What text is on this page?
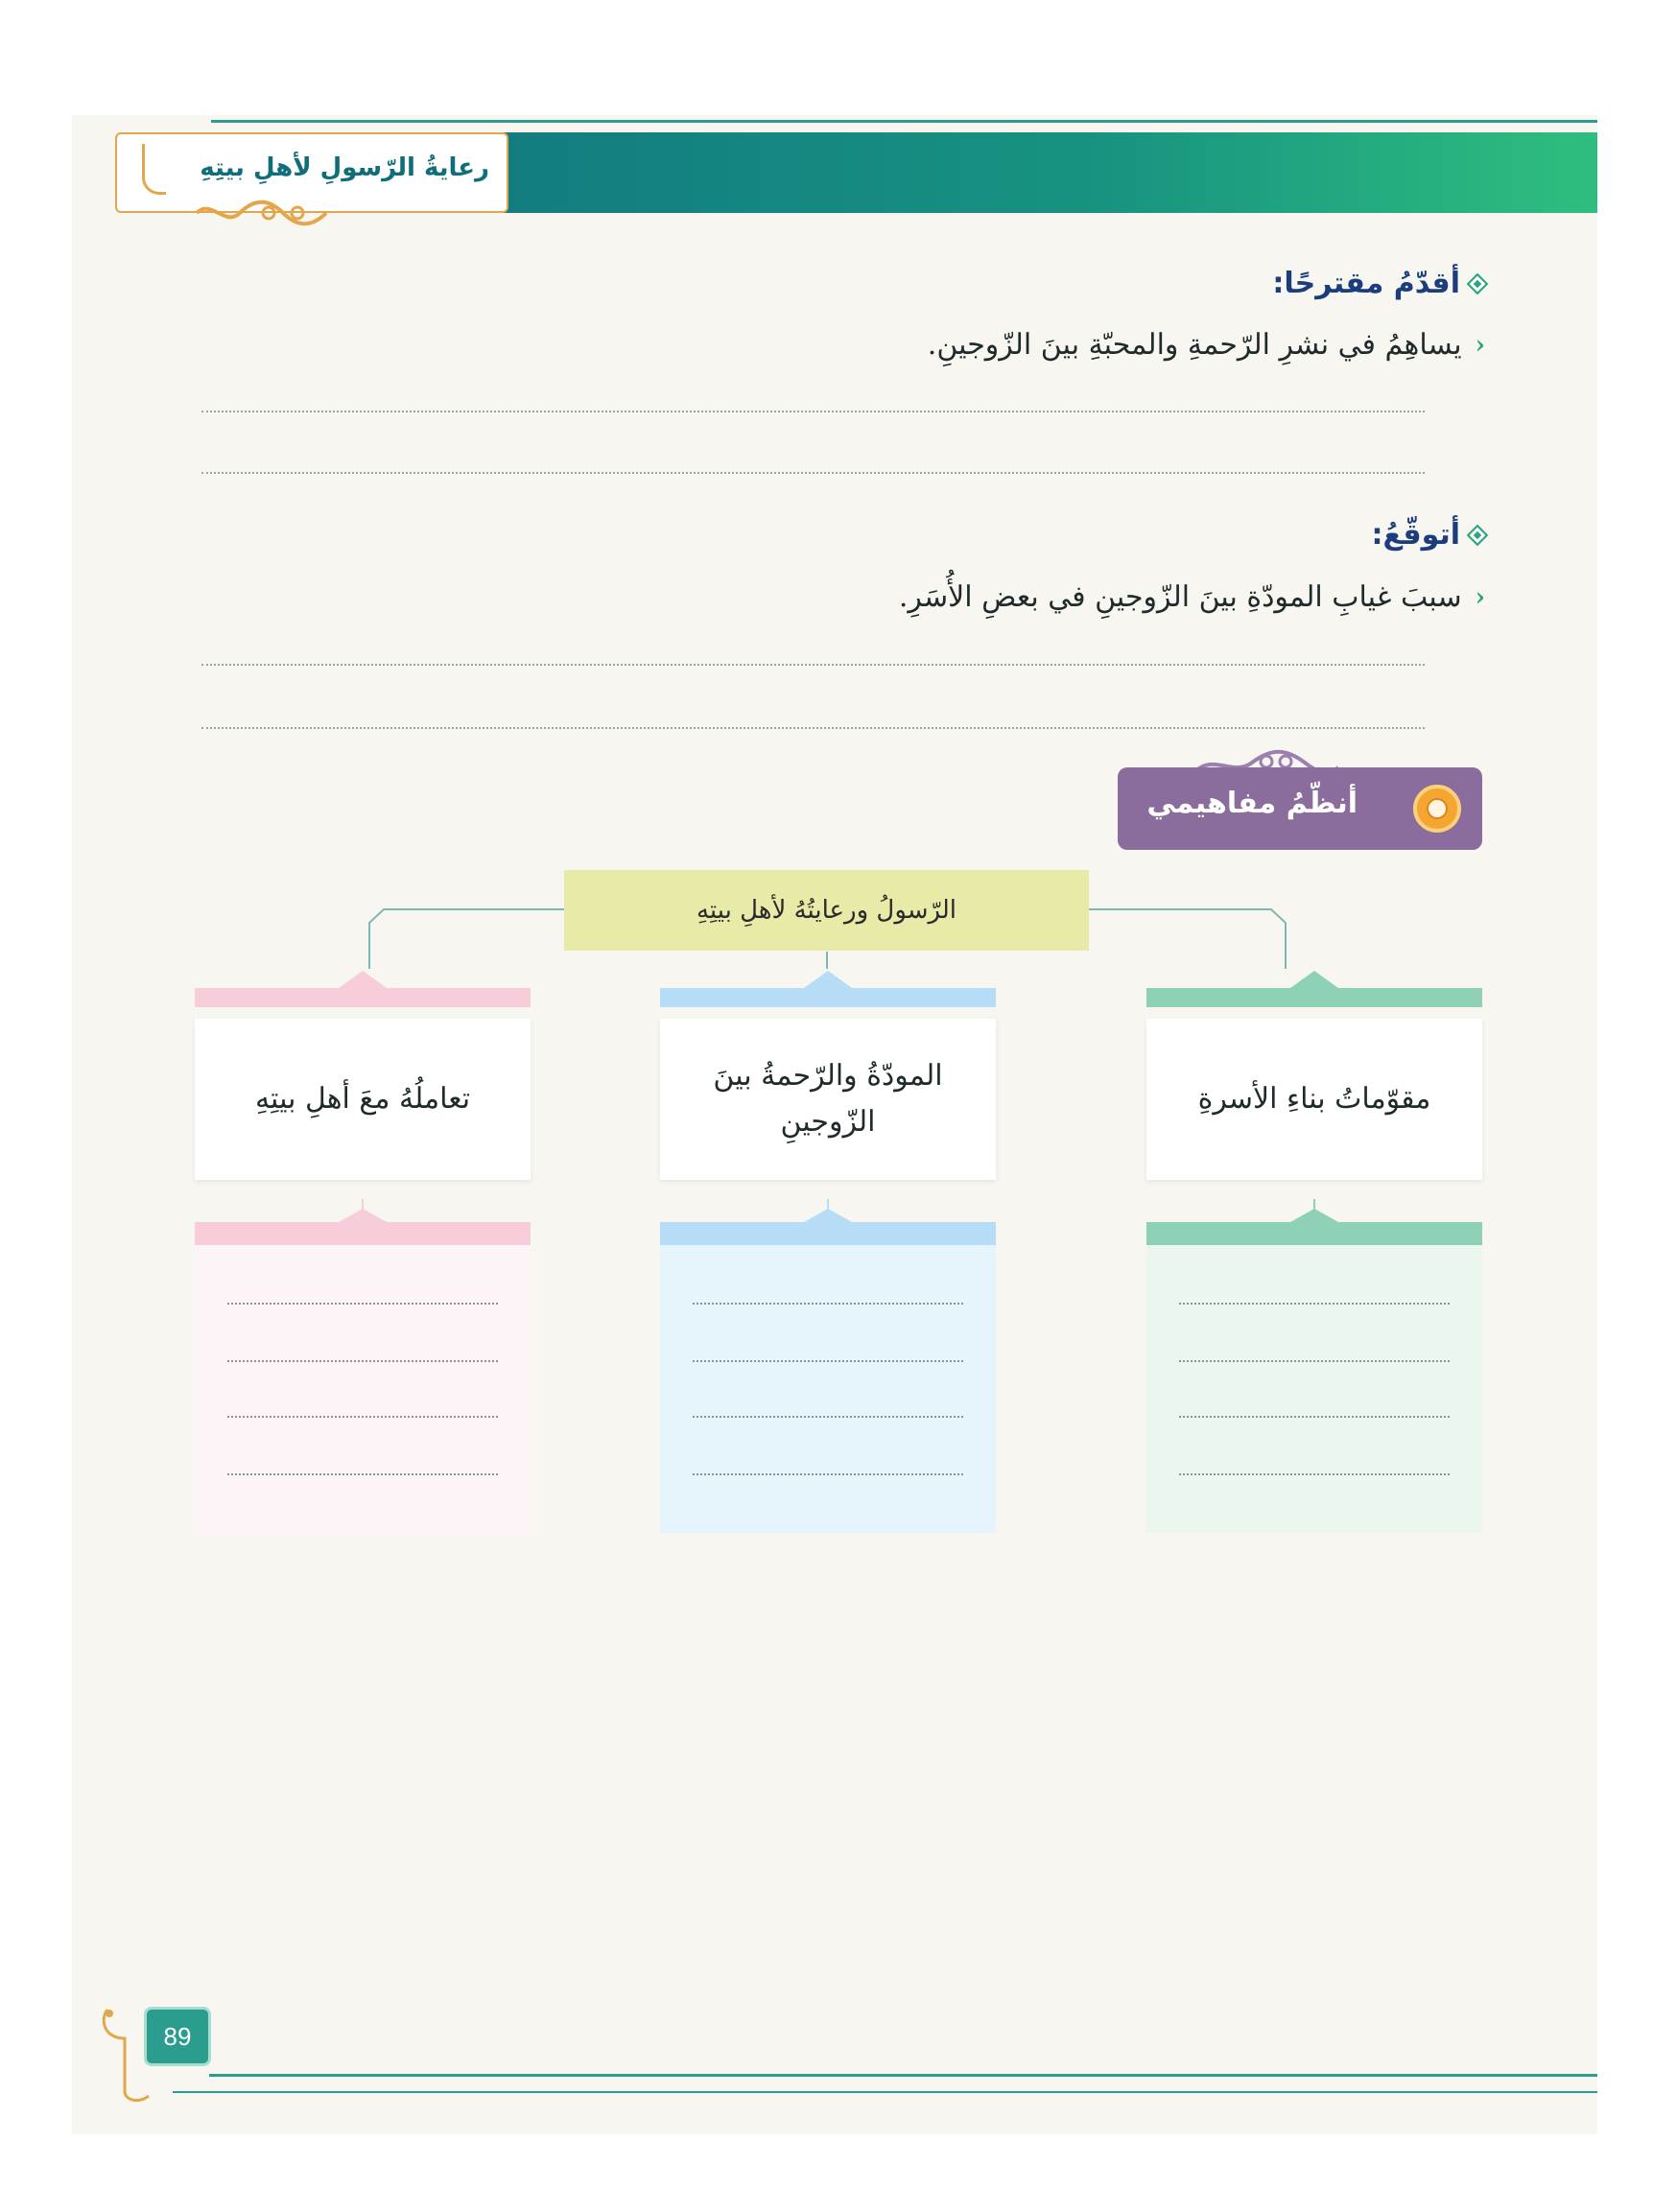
رعايةُ الرّسولِ لأهلِ بيتِهِ
أقدّمُ مقترحًا:
‹
يساهِمُ في نشرِ الرّحمةِ والمحبّةِ بينَ الزّوجينِ.
أتوقّعُ:
‹
سببَ غيابِ المودّةِ بينَ الزّوجينِ في بعضِ الأُسَرِ.
أنظّمُ مفاهيمي
الرّسولُ ورعايتُهُ لأهلِ بيتِهِ
مقوّماتُ بناءِ الأسرةِ
المودّةُ والرّحمةُ بينَ الزّوجينِ
تعاملُهُ معَ أهلِ بيتِهِ
89
